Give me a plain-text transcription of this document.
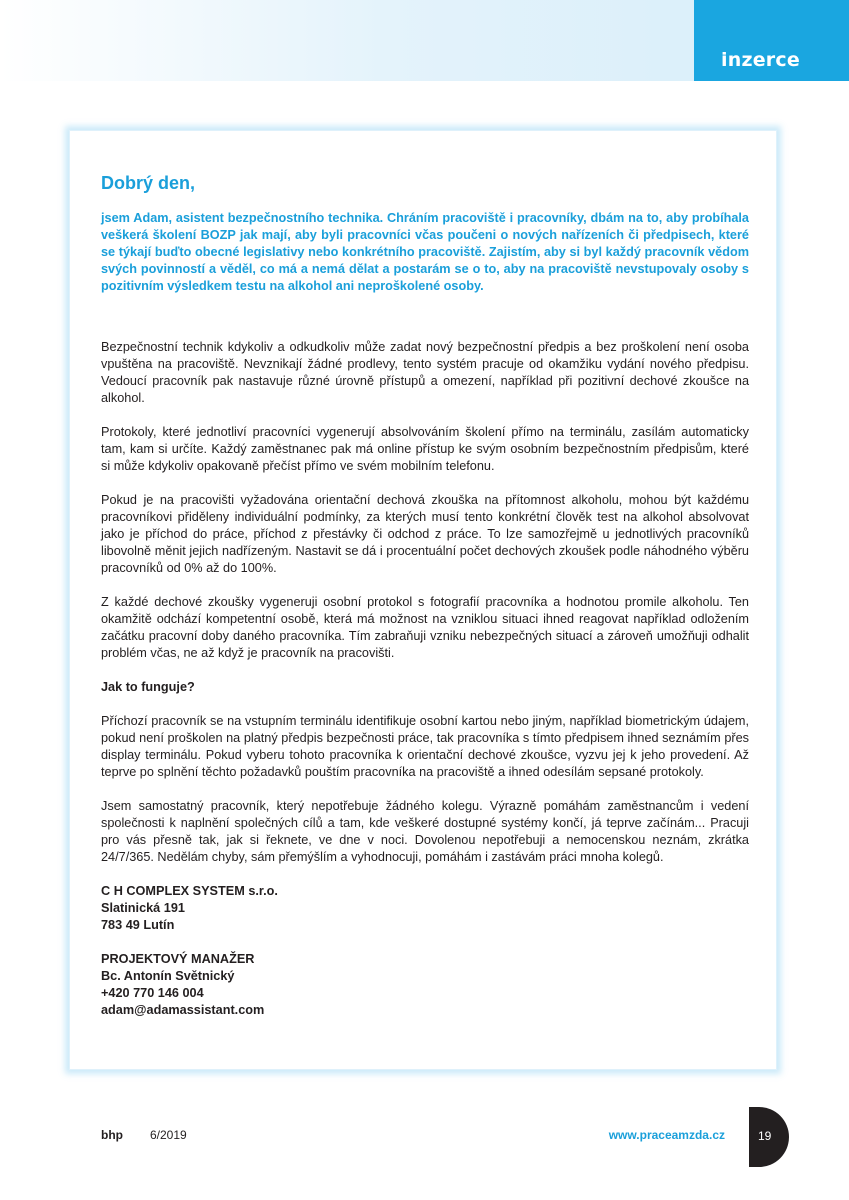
inzerce

Dobrý den,

jsem Adam, asistent bezpečnostního technika. Chráním pracoviště i pracovníky, dbám na to, aby probíhala veškerá školení BOZP jak mají, aby byli pracovníci včas poučeni o nových nařízeních či předpisech, které se týkají buďto obecné legislativy nebo konkrétního pracoviště. Zajistím, aby si byl každý pracovník vědom svých povinností a věděl, co má a nemá dělat a postarám se o to, aby na pracoviště nevstupovaly osoby s pozitivním výsledkem testu na alkohol ani neproškolené osoby.

Bezpečnostní technik kdykoliv a odkudkoliv může zadat nový bezpečnostní předpis a bez proškolení není osoba vpuštěna na pracoviště. Nevznikají žádné prodlevy, tento systém pracuje od okamžiku vydání nového předpisu. Vedoucí pracovník pak nastavuje různé úrovně přístupů a omezení, například při pozitivní dechové zkoušce na alkohol.

Protokoly, které jednotliví pracovníci vygenerují absolvováním školení přímo na terminálu, zasílám automaticky tam, kam si určíte. Každý zaměstnanec pak má online přístup ke svým osobním bezpečnostním předpisům, které si může kdykoliv opakovaně přečíst přímo ve svém mobilním telefonu.

Pokud je na pracovišti vyžadována orientační dechová zkouška na přítomnost alkoholu, mohou být každému pracovníkovi přiděleny individuální podmínky, za kterých musí tento konkrétní člověk test na alkohol absolvovat jako je příchod do práce, příchod z přestávky či odchod z práce. To lze samozřejmě u jednotlivých pracovníků libovolně měnit jejich nadřízeným. Nastavit se dá i procentuální počet dechových zkoušek podle náhodného výběru pracovníků od 0% až do 100%.

Z každé dechové zkoušky vygeneruji osobní protokol s fotografií pracovníka a hodnotou promile alkoholu. Ten okamžitě odchází kompetentní osobě, která má možnost na vzniklou situaci ihned reagovat například odložením začátku pracovní doby daného pracovníka. Tím zabraňuji vzniku nebezpečných situací a zároveň umožňuji odhalit problém včas, ne až když je pracovník na pracovišti.

Jak to funguje?

Příchozí pracovník se na vstupním terminálu identifikuje osobní kartou nebo jiným, například biometrickým údajem, pokud není proškolen na platný předpis bezpečnosti práce, tak pracovníka s tímto předpisem ihned seznámím přes display terminálu. Pokud vyberu tohoto pracovníka k orientační dechové zkoušce, vyzvu jej k jeho provedení. Až teprve po splnění těchto požadavků pouštím pracovníka na pracoviště a ihned odesílám sepsané protokoly.

Jsem samostatný pracovník, který nepotřebuje žádného kolegu. Výrazně pomáhám zaměstnancům i vedení společnosti k naplnění společných cílů a tam, kde veškeré dostupné systémy končí, já teprve začínám... Pracuji pro vás přesně tak, jak si řeknete, ve dne v noci. Dovolenou nepotřebuji a nemocenskou neznám, zkrátka 24/7/365. Nedělám chyby, sám přemýšlím a vyhodnocuji, pomáhám i zastávám práci mnoha kolegů.

C H COMPLEX SYSTEM s.r.o.

Slatinická 191

783 49 Lutín

PROJEKTOVÝ MANAŽER

Bc. Antonín Světnický

+420 770 146 004

adam@adamassistant.com

bhp 6/2019	www.praceamzda.cz	19
